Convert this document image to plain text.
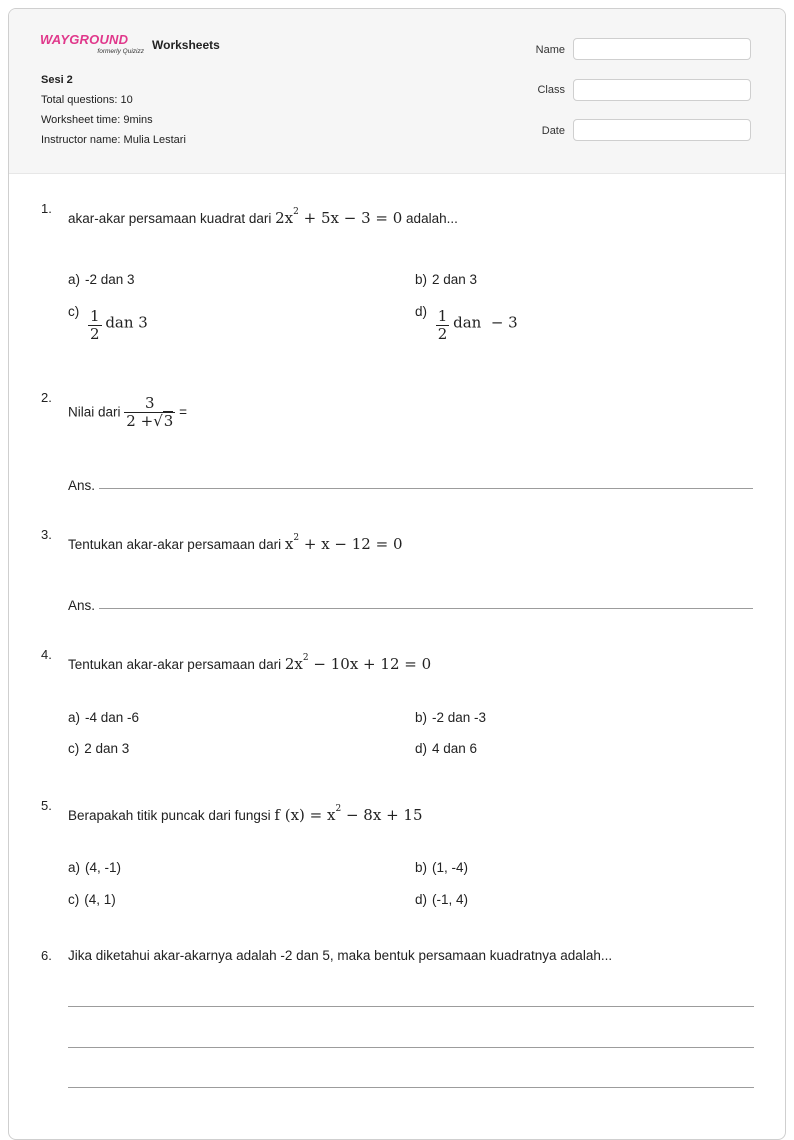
WAYGROUND
formerly Quizizz Worksheets
Sesi 2
Total questions: 10
Worksheet time: 9mins
Instructor name: Mulia Lestari
Name
Class
Date
1.
akar-akar persamaan kuadrat dari $2x^2 + 5x - 3 = 0$ adalah...
a) -2 dan 3	b) 2 dan 3
$c) \frac{1}{2}$ dan 3
$d) \frac{1}{2}$ dan  − 3
2.
Nilai dari $\frac{3}{2 +√3}$ =
Ans.
3.
Tentukan akar-akar persamaan dari $x^2 + x - 12 = 0$
Ans.
4.
Tentukan akar-akar persamaan dari $2x^2 - 10x + 12 = 0$
a) -4 dan -6	b) -2 dan -3
c) 2 dan 3	d) 4 dan 6
5.
Berapakah titik puncak dari fungsi f $(x) = x^2 - 8x + 15$
a) (4, -1)	b) (1, -4)
c) (4, 1)	d) (-1, 4)
6. Jika diketahui akar-akarnya adalah -2 dan 5, maka bentuk persamaan kuadratnya adalah...
